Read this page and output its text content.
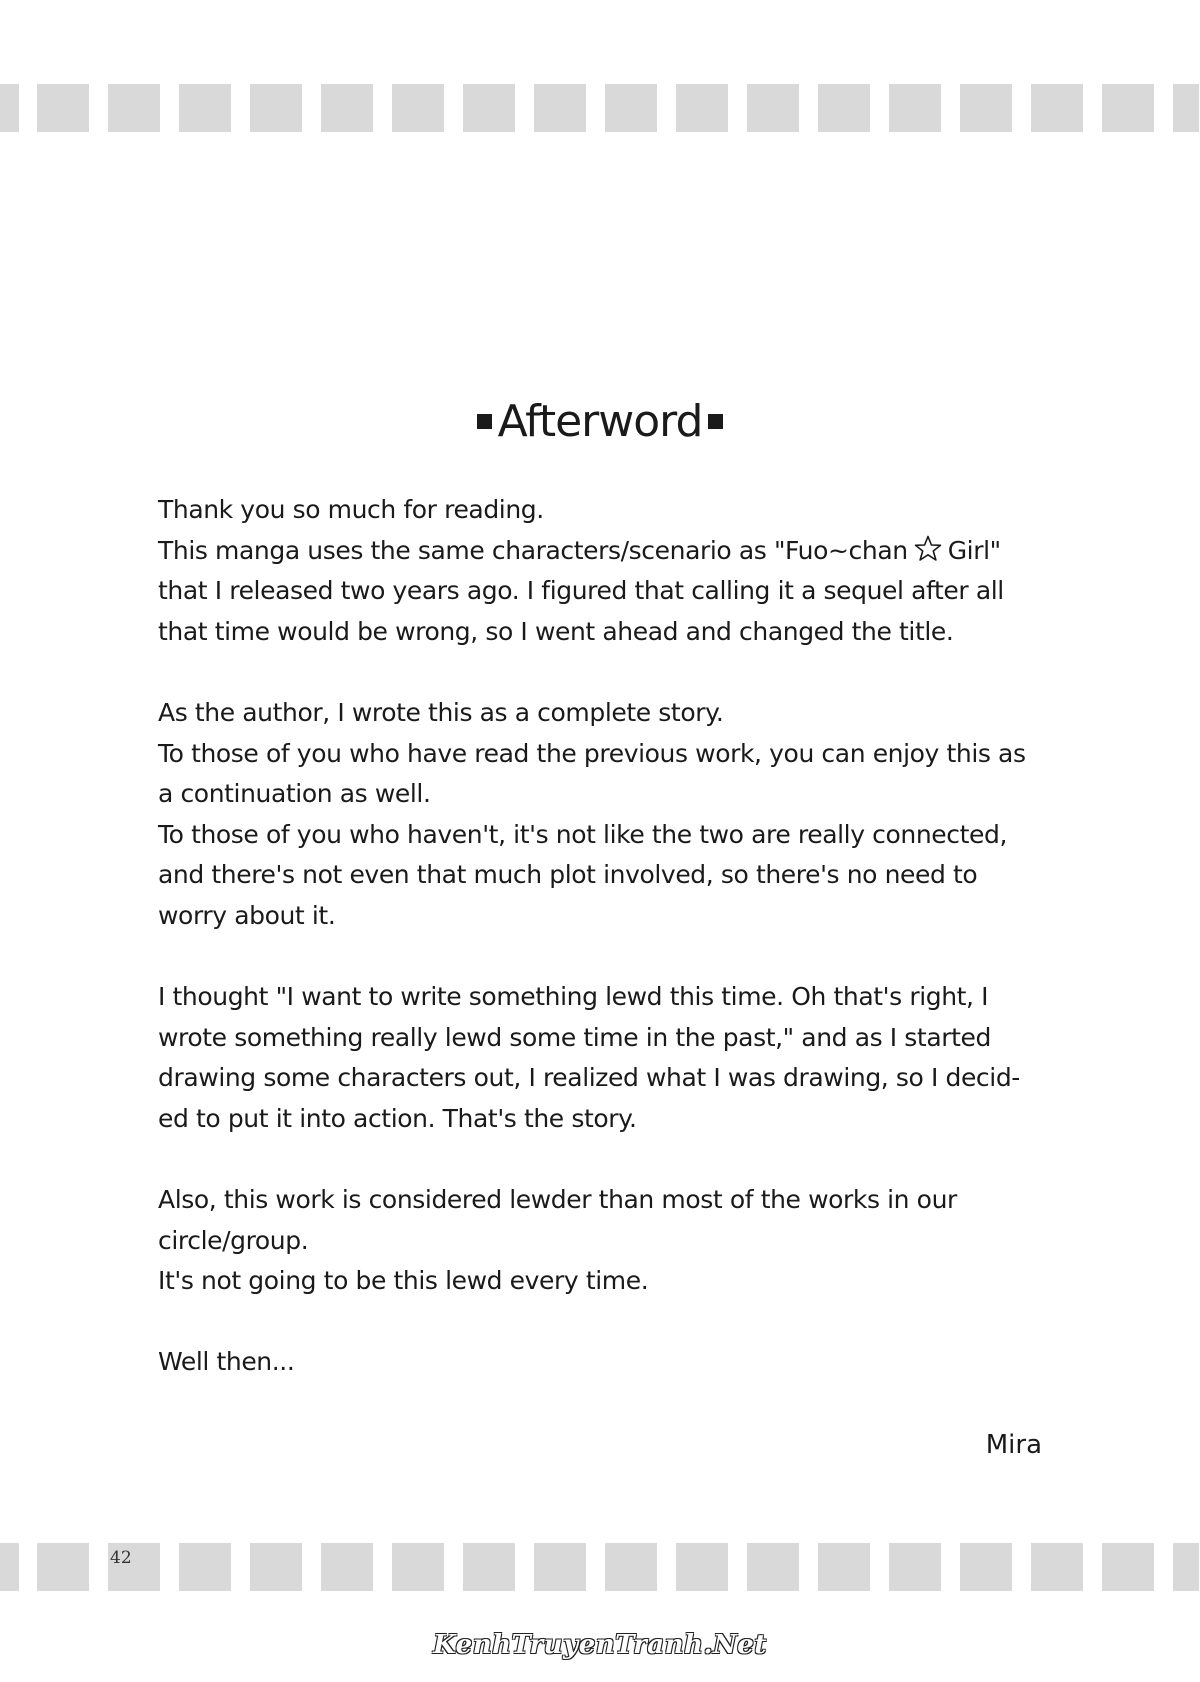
Afterword
Thank you so much for reading.
This manga uses the same characters/scenario as "Fuo~chan Girl"
that I released two years ago. I figured that calling it a sequel after all
that time would be wrong, so I went ahead and changed the title.
As the author, I wrote this as a complete story.
To those of you who have read the previous work, you can enjoy this as
a continuation as well.
To those of you who haven't, it's not like the two are really connected,
and there's not even that much plot involved, so there's no need to
worry about it.
I thought "I want to write something lewd this time. Oh that's right, I
wrote something really lewd some time in the past," and as I started
drawing some characters out, I realized what I was drawing, so I decid-
ed to put it into action. That's the story.
Also, this work is considered lewder than most of the works in our
circle/group.
It's not going to be this lewd every time.
Well then...
Mira
42
KenhTruyenTranh.Net
